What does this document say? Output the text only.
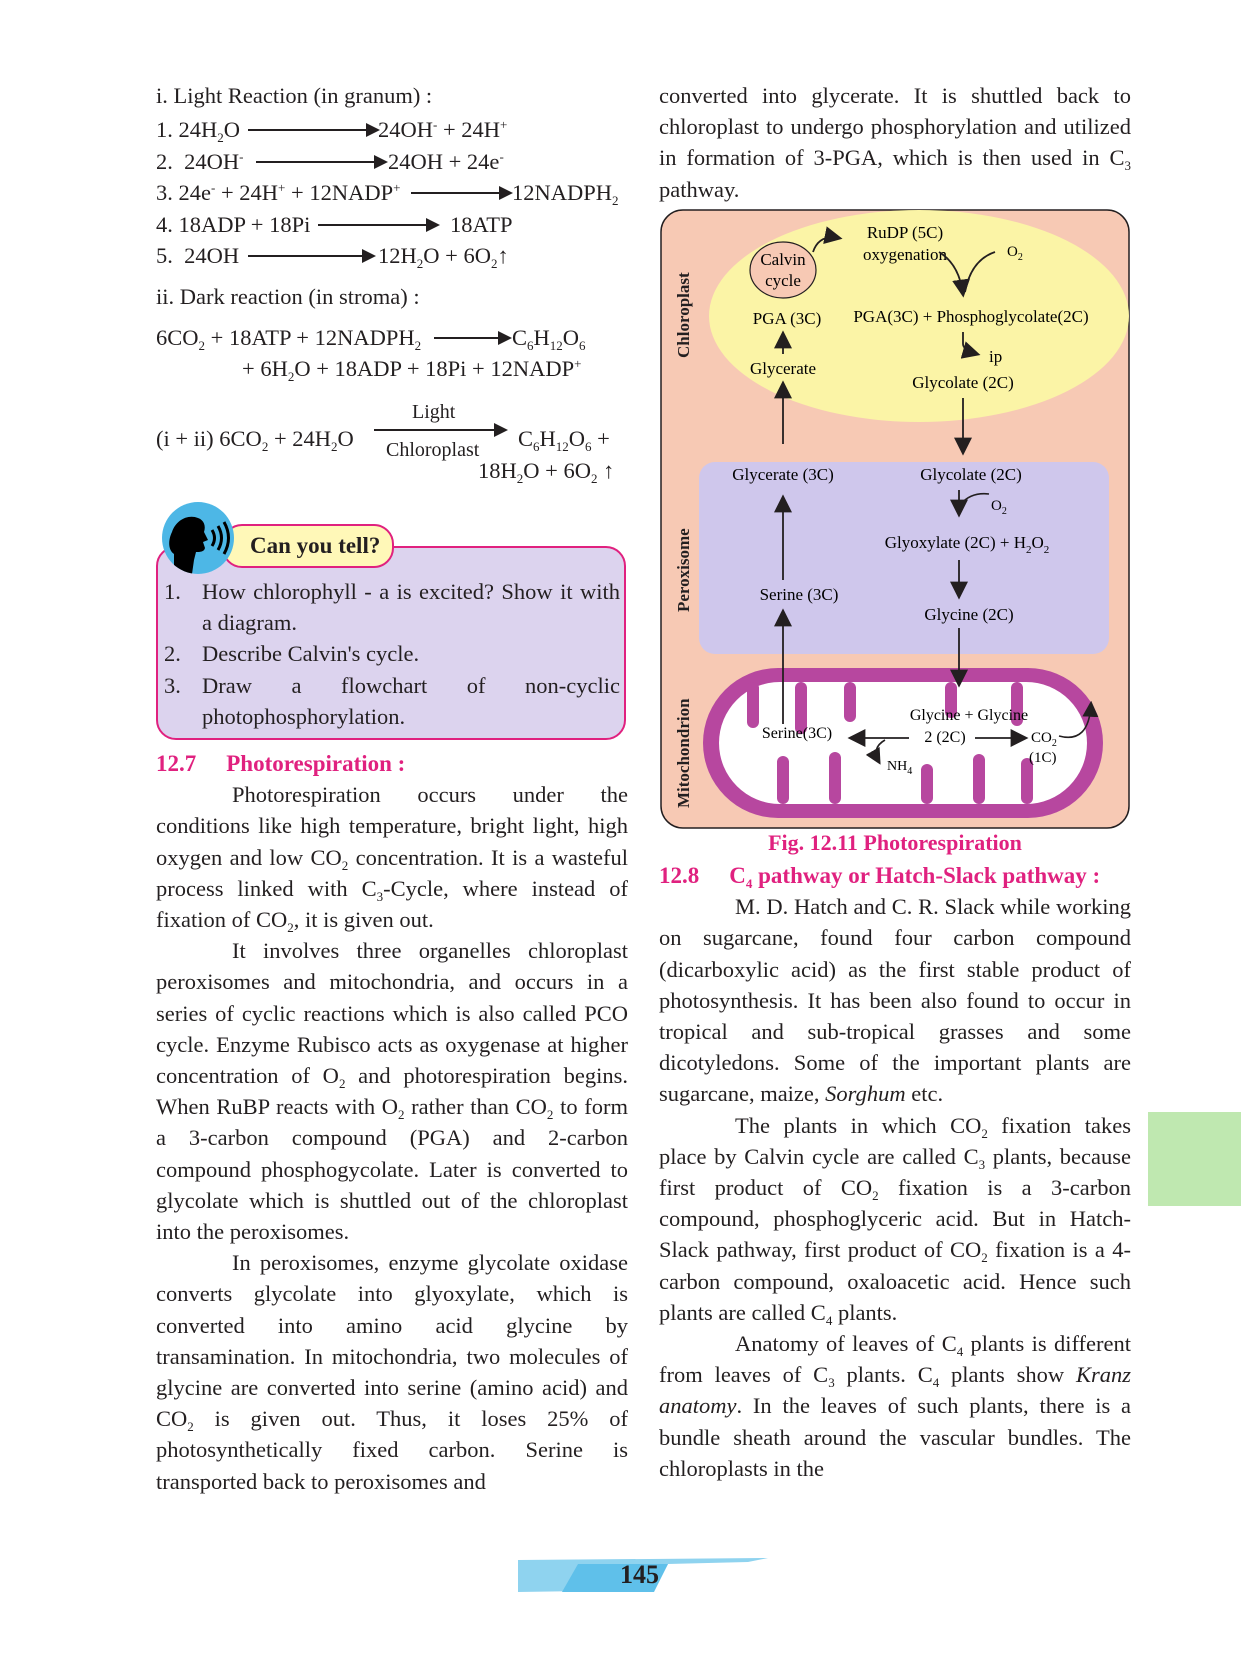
i. Light Reaction (in granum) :
1. $24H_2O$	24OH- + 24H+
2. 24OH-	24OH + 24e-
3. 24e- + 24H+ + 12NADP+	$12NADPH_2$
4. 18ADP + 18Pi	18ATP
5. 24OH	$12H_2O$ + $6O_2↑$
ii. Dark reaction (in stroma) :
$6CO_2 + 18ATP$ + $12NADPH_2 \to C_6H_{12}O_6$
+ $6H_2O + 18ADP + 18Pi$ + 12NADP+
(i + ii) $6CO_2 + 24H_2O$
Light
Chloroplast $C_6H_{12}O_6$ +
$18H_2O + 6O_2$ ↑
Can you tell?
1. How chlorophyll - a is excited? Show it with a diagram.
2. Describe Calvin's cycle.
3. Draw a flowchart of non-cyclic photophosphorylation.
12.7 Photorespiration :

Photorespiration occurs under the conditions like high temperature, bright light, high oxygen and low $CO_2$ concentration. It is a wasteful process linked with $C_3$-Cycle, where instead of fixation of $CO_2$, it is given out.

It involves three organelles chloroplast peroxisomes and mitochondria, and occurs in a series of cyclic reactions which is also called PCO cycle. Enzyme Rubisco acts as oxygenase at higher concentration of $O_2$ and photorespiration begins. When RuBP reacts with $O_2$ rather than $CO_2$ to form a 3-carbon compound (PGA) and 2-carbon compound phosphogycolate. Later is converted to glycolate which is shuttled out of the chloroplast into the peroxisomes.

In peroxisomes, enzyme glycolate oxidase converts glycolate into glyoxylate, which is converted into amino acid glycine by transamination. In mitochondria, two molecules of glycine are converted into serine (amino acid) and $CO_2$ is given out. Thus, it loses 25% of photosynthetically fixed carbon. Serine is transported back to peroxisomes and

converted into glycerate. It is shuttled back to chloroplast to undergo phosphorylation and utilized in formation of 3-PGA, which is then used in $C_3$ pathway.

Chloroplast
Peroxisome
Mitochondrion
Calvin
cycle
RuDP (5C)
oxygenation	$O_2$
PGA (3C) PGA(3C) + Phosphoglycolate(2C)
ip
Glycerate
Glycolate (2C)
Glycerate (3C)	Glycolate (2C)
$O_2$
Glyoxylate $(2C) + H_2O_2$
Glycine (2C)
Serine (3C)
Glycine + Glycine
2 (2C)
Serine(3C)
$NH_4$
$CO_2$
(1C)
Fig. 12.11 Photorespiration
12.8 $C_4$ pathway or Hatch-Slack pathway :

M. D. Hatch and C. R. Slack while working on sugarcane, found four carbon compound (dicarboxylic acid) as the first stable product of photosynthesis. It has been also found to occur in tropical and sub-tropical grasses and some dicotyledons. Some of the important plants are sugarcane, maize, Sorghum etc.

The plants in which $CO_2$ fixation takes place by Calvin cycle are called $C_3$ plants, because first product of $CO_2$ fixation is a 3-carbon compound, phosphoglyceric acid. But in Hatch-Slack pathway, first product of $CO_2$ fixation is a 4-carbon compound, oxaloacetic acid. Hence such plants are called $C_4$ plants.

Anatomy of leaves of $C_4$ plants is different from leaves of $C_3$ plants. $C_4$ plants show Kranz anatomy. In the leaves of such plants, there is a bundle sheath around the vascular bundles. The chloroplasts in the

145
